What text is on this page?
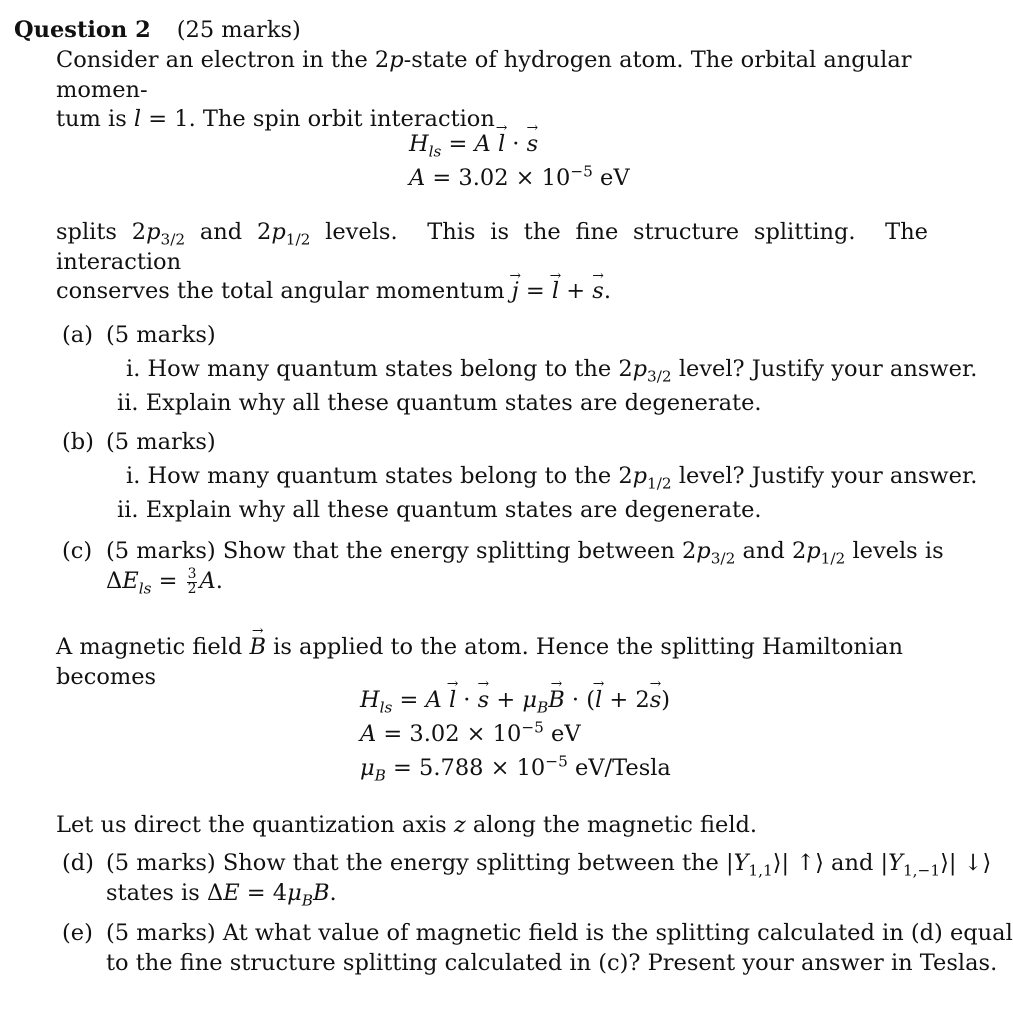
Question 2 (25 marks)
Consider an electron in the 2p-state of hydrogen atom. The orbital angular momen-
tum is l = 1. The spin orbit interaction
$H_{ls} = A \to l$ · → s
$A = 3.02 \times 10^{-5}$ eV
splits $2p_{3/2}$ and $2p_{1/2}$ levels.  This is the fine structure splitting.  The interaction
conserves the total angular momentum → j = → l + → s.
(a) (5 marks)
i. How many quantum states belong to the $2p_{3/2}$ level? Justify your answer.
ii. Explain why all these quantum states are degenerate.
(b) (5 marks)
i. How many quantum states belong to the $2p_{1/2}$ level? Justify your answer.
ii. Explain why all these quantum states are degenerate.
(c) (5 marks) Show that the energy splitting between $2p_{3/2}$ and $2p_{1/2}$ levels is
$\Delta E_{ls} = \frac{3}{2} A$.
A magnetic field → B is applied to the atom. Hence the splitting Hamiltonian becomes
$H_{ls} = A \to l$ · → $s + \mu_B\to B$ · (→ l + 2→ s)
$A = 3.02 \times 10^{-5}$ eV
$\mu_B = 5.788 \times 10^{-5}$ eV/Tesla
Let us direct the quantization axis z along the magnetic field.
(d) (5 marks) Show that the energy splitting between the $|Y_{1,1}⟩|$ ↑⟩ and $|Y_{1,-1}⟩|$ ↓⟩
states is $\Delta E = 4\mu_BB$.
(e) (5 marks) At what value of magnetic field is the splitting calculated in (d) equal
to the fine structure splitting calculated in (c)? Present your answer in Teslas.
